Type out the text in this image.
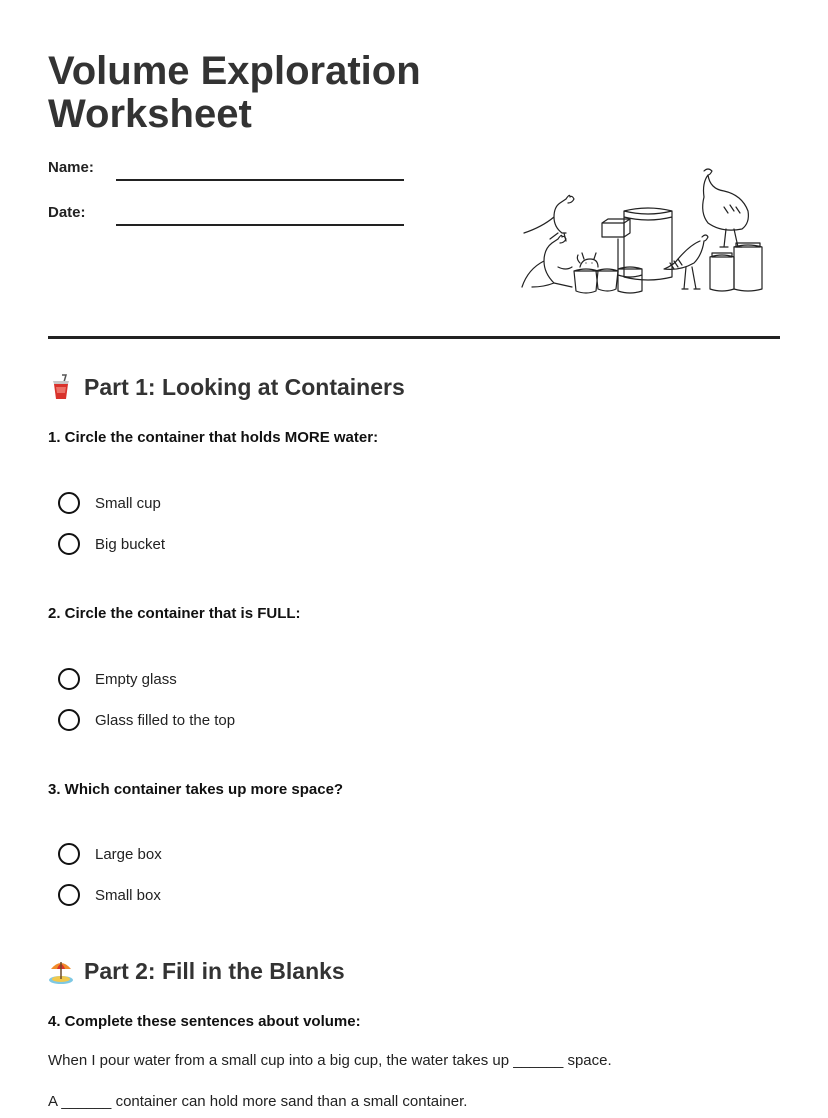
Volume Exploration
Worksheet
Name:
Date:
Part 1: Looking at Containers
1. Circle the container that holds MORE water:
Small cup
Big bucket
2. Circle the container that is FULL:
Empty glass
Glass filled to the top
3. Which container takes up more space?
Large box
Small box
Part 2: Fill in the Blanks
4. Complete these sentences about volume:
When I pour water from a small cup into a big cup, the water takes up ______ space.
A ______ container can hold more sand than a small container.
